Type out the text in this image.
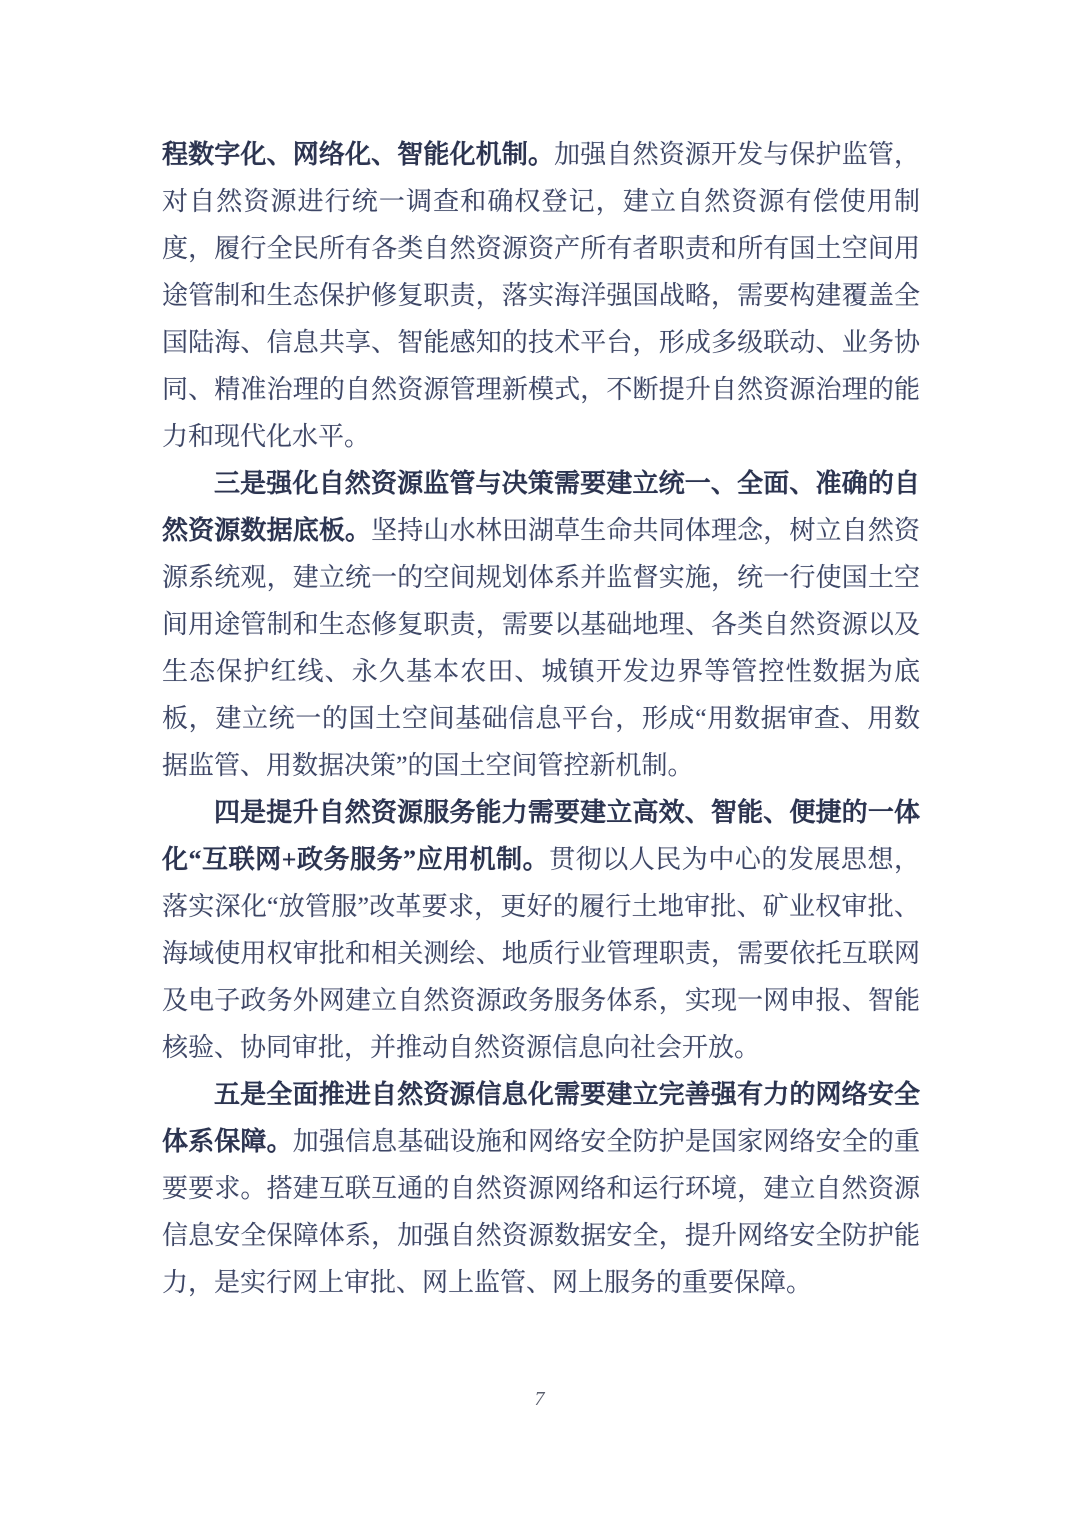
程数字化、网络化、智能化机制。加强自然资源开发与保护监管，对自然资源进行统一调查和确权登记，建立自然资源有偿使用制度，履行全民所有各类自然资源资产所有者职责和所有国土空间用途管制和生态保护修复职责，落实海洋强国战略，需要构建覆盖全国陆海、信息共享、智能感知的技术平台，形成多级联动、业务协同、精准治理的自然资源管理新模式，不断提升自然资源治理的能力和现代化水平。

三是强化自然资源监管与决策需要建立统一、全面、准确的自然资源数据底板。坚持山水林田湖草生命共同体理念，树立自然资源系统观，建立统一的空间规划体系并监督实施，统一行使国土空间用途管制和生态修复职责，需要以基础地理、各类自然资源以及生态保护红线、永久基本农田、城镇开发边界等管控性数据为底板，建立统一的国土空间基础信息平台，形成“用数据审查、用数据监管、用数据决策”的国土空间管控新机制。

四是提升自然资源服务能力需要建立高效、智能、便捷的一体化“互联网+政务服务”应用机制。贯彻以人民为中心的发展思想，落实深化“放管服”改革要求，更好的履行土地审批、矿业权审批、海域使用权审批和相关测绘、地质行业管理职责，需要依托互联网及电子政务外网建立自然资源政务服务体系，实现一网申报、智能核验、协同审批，并推动自然资源信息向社会开放。

五是全面推进自然资源信息化需要建立完善强有力的网络安全体系保障。加强信息基础设施和网络安全防护是国家网络安全的重要要求。搭建互联互通的自然资源网络和运行环境，建立自然资源信息安全保障体系，加强自然资源数据安全，提升网络安全防护能力，是实行网上审批、网上监管、网上服务的重要保障。

7
